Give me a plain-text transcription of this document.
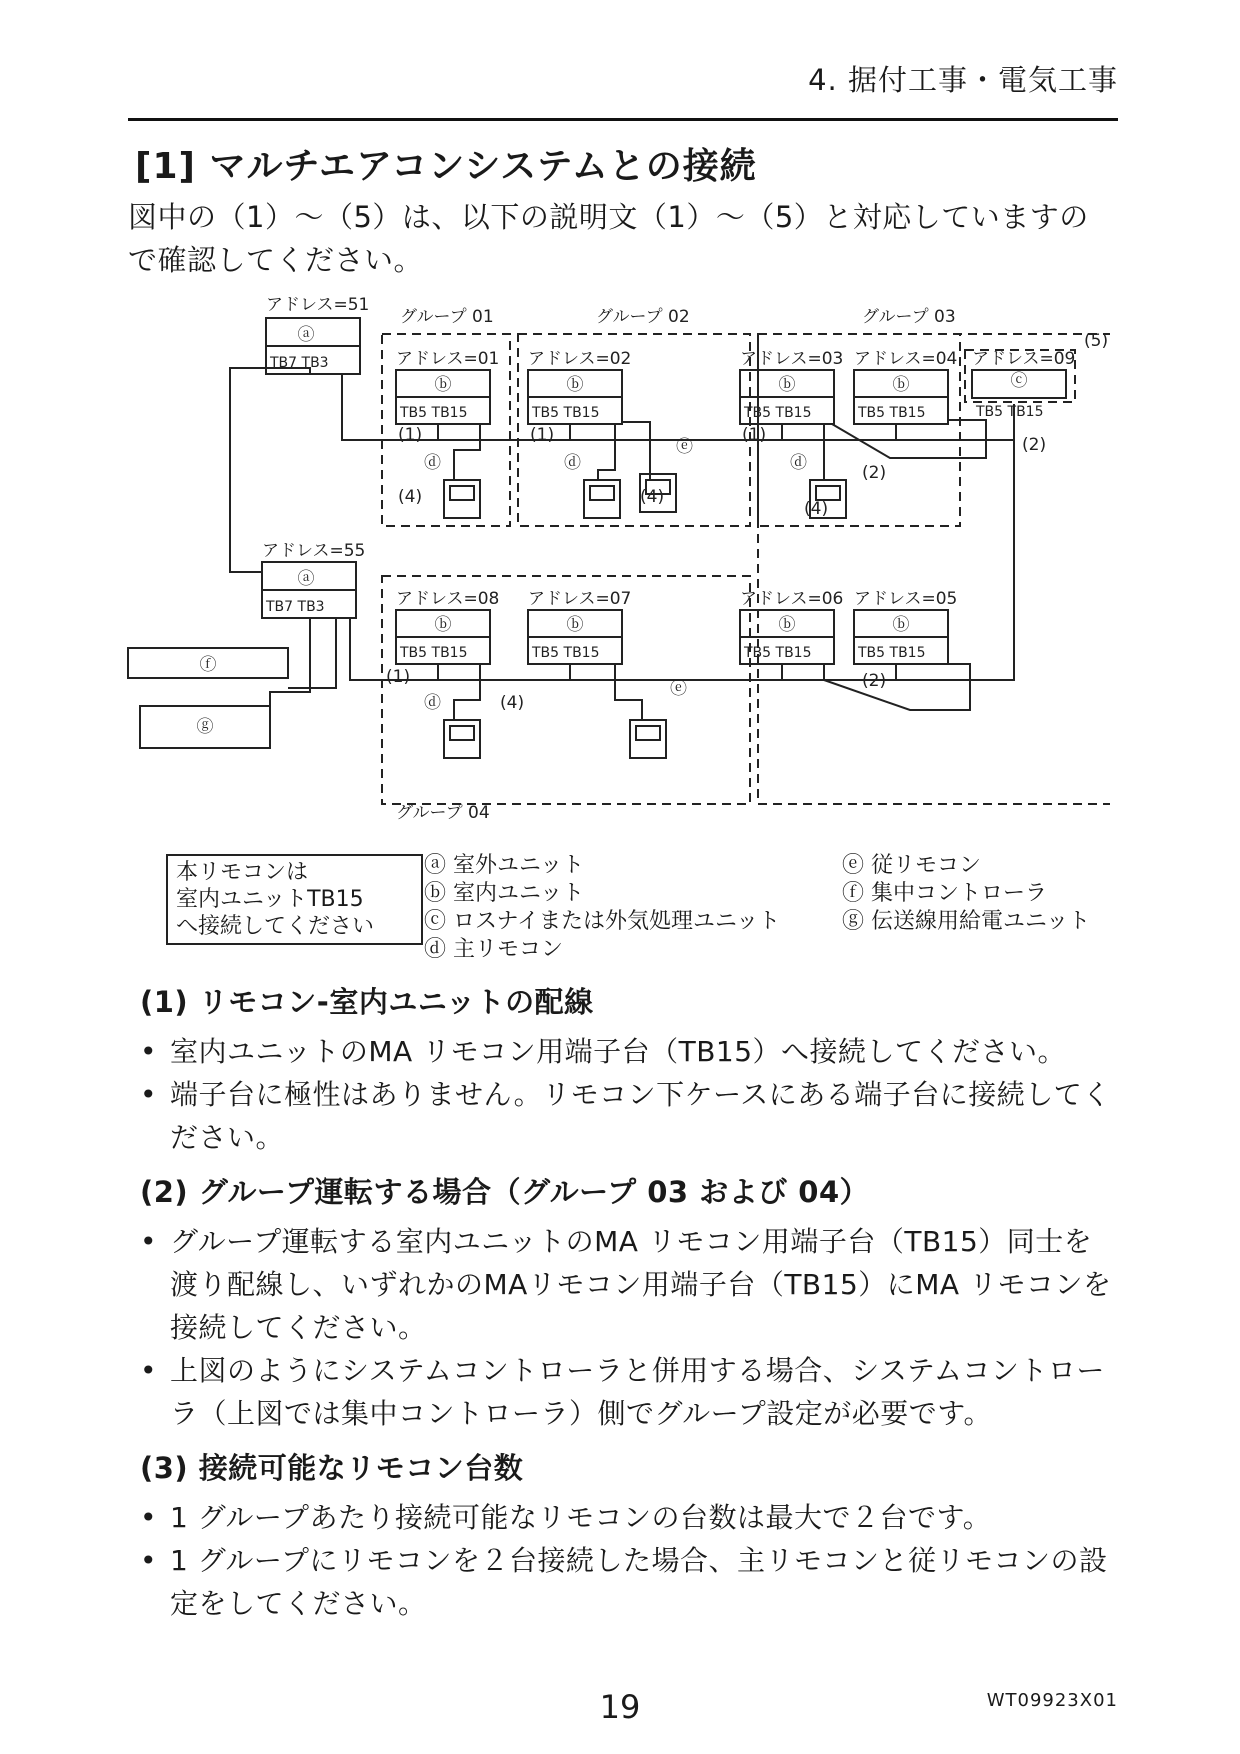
4. 据付工事・電気工事
[1] マルチエアコンシステムとの接続
図中の（1）～（5）は、以下の説明文（1）～（5）と対応していますので確認してください。
アドレス=51
ⓐ
TB7 TB3
アドレス=55
ⓐ
TB7 TB3
グループ 01	グループ 02	グループ 03
グループ 04
アドレス=01
ⓑ
TB5 TB15
アドレス=02
ⓑ
TB5 TB15
アドレス=03
ⓑ
TB5 TB15
アドレス=04
ⓑ
TB5 TB15
アドレス=09
ⓒ
TB5 TB15
アドレス=08
ⓑ
TB5 TB15
アドレス=07
ⓑ
TB5 TB15
アドレス=06
ⓑ
TB5 TB15
アドレス=05
ⓑ
TB5 TB15
ⓕ
ⓖ
(1)	(1)	(1)
(1)
(2)
(2)
(2)
(4)	(4)
(4)
(4)
(5)
ⓓ	ⓓ
ⓔ
ⓓ
ⓓ
ⓔ
本リモコンは
室内ユニットTB15
へ接続してください
ⓐ 室外ユニット
ⓑ 室内ユニット
ⓒ ロスナイまたは外気処理ユニット
ⓓ 主リモコン
ⓔ 従リモコン
ⓕ 集中コントローラ
ⓖ 伝送線用給電ユニット
(1) リモコン-室内ユニットの配線
• 室内ユニットのMA リモコン用端子台（TB15）へ接続してください。
• 端子台に極性はありません。リモコン下ケースにある端子台に接続してください。
(2) グループ運転する場合（グループ 03 および 04）
• グループ運転する室内ユニットのMA リモコン用端子台（TB15）同士を渡り配線し、いずれかのMAリモコン用端子台（TB15）にMA リモコンを接続してください。
• 上図のようにシステムコントローラと併用する場合、システムコントローラ（上図では集中コントローラ）側でグループ設定が必要です。
(3) 接続可能なリモコン台数
• 1 グループあたり接続可能なリモコンの台数は最大で２台です。
• 1 グループにリモコンを２台接続した場合、主リモコンと従リモコンの設定をしてください。
19	WT09923X01
